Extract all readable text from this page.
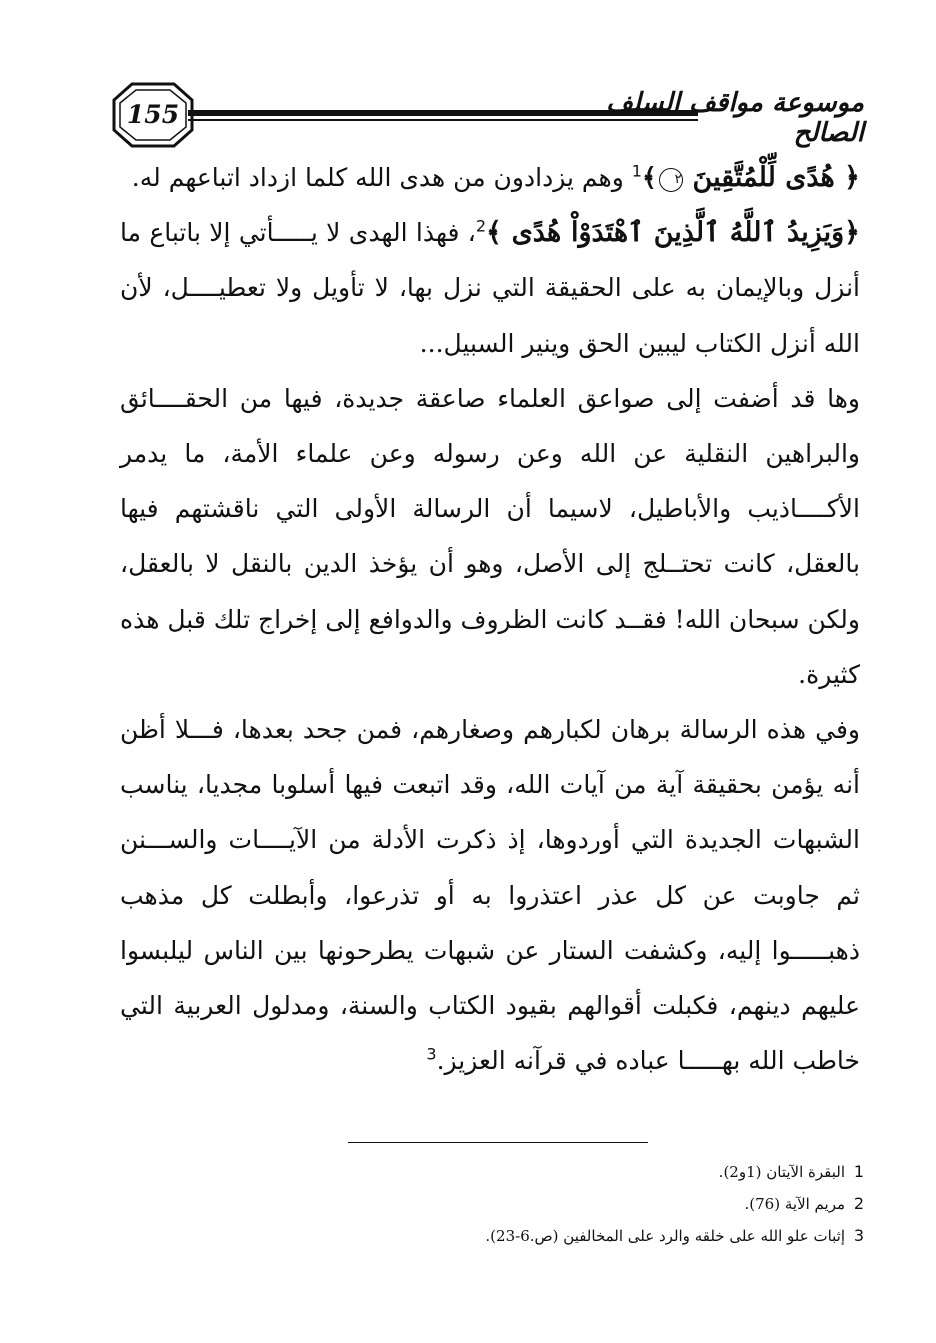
155	موسوعة مواقف السلف الصالح

﴿ هُدًى لِّلْمُتَّقِينَ ٢﴾$^1$ وهم يزدادون من هدى الله كلما ازداد اتباعهم له.

﴿وَيَزِيدُ ٱللَّهُ ٱلَّذِينَ ٱهْتَدَوْاْ هُدًى ﴾$^2$، فهذا الهدى لا يـــــأتي إلا باتباع ما أنزل وبالإيمان به على الحقيقة التي نزل بها، لا تأويل ولا تعطيــــل، لأن الله أنزل الكتاب ليبين الحق وينير السبيل...

وها قد أضفت إلى صواعق العلماء صاعقة جديدة، فيها من الحقــــائق والبراهين النقلية عن الله وعن رسوله وعن علماء الأمة، ما يدمر الأكــــاذيب والأباطيل، لاسيما أن الرسالة الأولى التي ناقشتهم فيها بالعقل، كانت تحتــلج إلى الأصل، وهو أن يؤخذ الدين بالنقل لا بالعقل، ولكن سبحان الله! فقــد كانت الظروف والدوافع إلى إخراج تلك قبل هذه كثيرة.

وفي هذه الرسالة برهان لكبارهم وصغارهم، فمن جحد بعدها، فـــلا أظن أنه يؤمن بحقيقة آية من آيات الله، وقد اتبعت فيها أسلوبا مجديا، يناسب الشبهات الجديدة التي أوردوها، إذ ذكرت الأدلة من الآيــــات والســـنن ثم جاوبت عن كل عذر اعتذروا به أو تذرعوا، وأبطلت كل مذهب ذهبـــــوا إليه، وكشفت الستار عن شبهات يطرحونها بين الناس ليلبسوا عليهم دينهم، فكبلت أقوالهم بقيود الكتاب والسنة، ومدلول العربية التي خاطب الله بهـــــا عباده في قرآنه العزيز.$^3$

1 البقرة الآيتان (1و2).
2 مريم الآية (76).
3 إثبات علو الله على خلقه والرد على المخالفين (ص.6-23).
